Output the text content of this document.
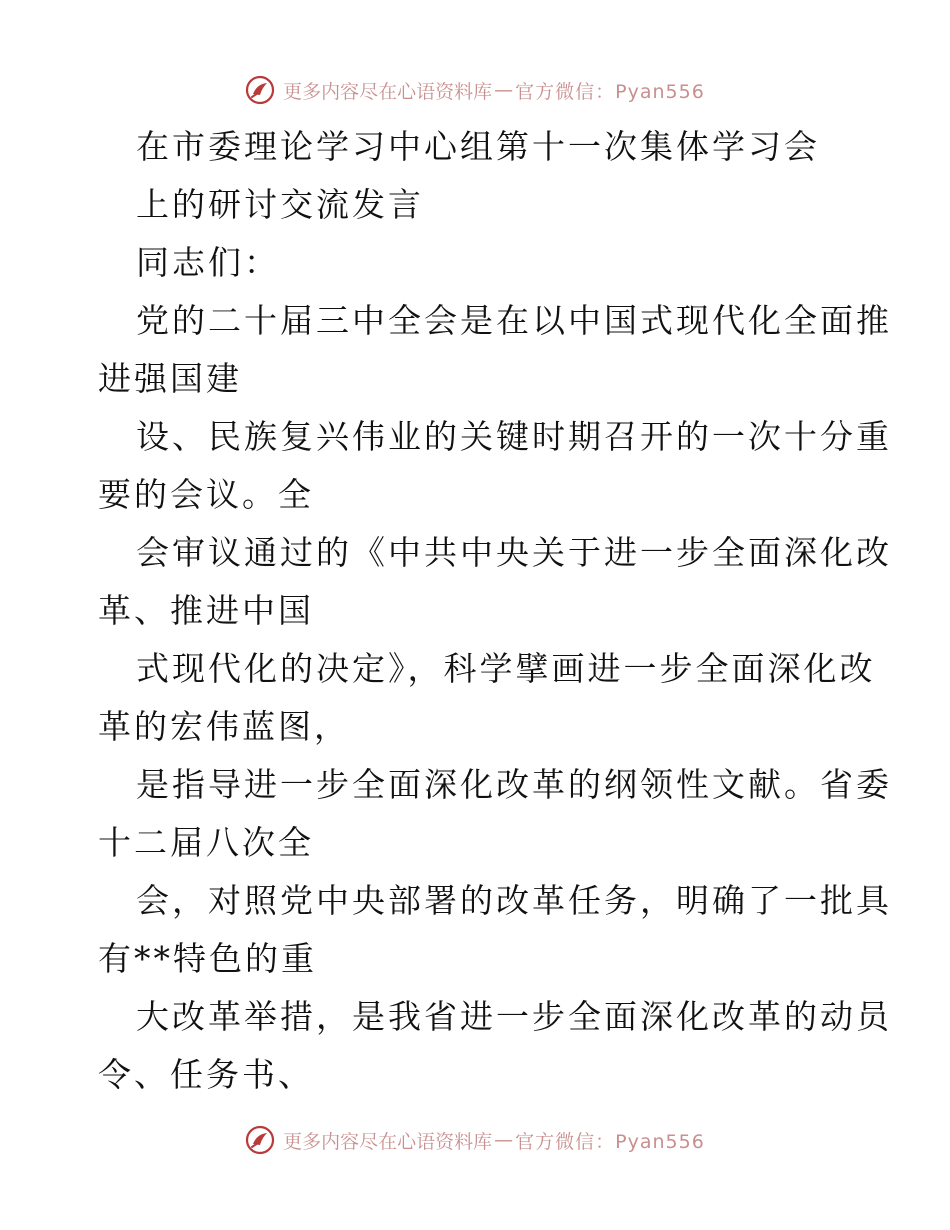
更多内容尽在心语资料库 — 官方微信：Pyan556
在市委理论学习中心组第十一次集体学习会
上的研讨交流发言
同志们：
党的二十届三中全会是在以中国式现代化全面推
进强国建
设、民族复兴伟业的关键时期召开的一次十分重
要的会议。全
会审议通过的《中共中央关于进一步全面深化改
革、推进中国
式现代化的决定》，科学擘画进一步全面深化改
革的宏伟蓝图，
是指导进一步全面深化改革的纲领性文献。省委
十二届八次全
会，对照党中央部署的改革任务，明确了一批具
有**特色的重
大改革举措，是我省进一步全面深化改革的动员
令、任务书、
更多内容尽在心语资料库 — 官方微信：Pyan556
